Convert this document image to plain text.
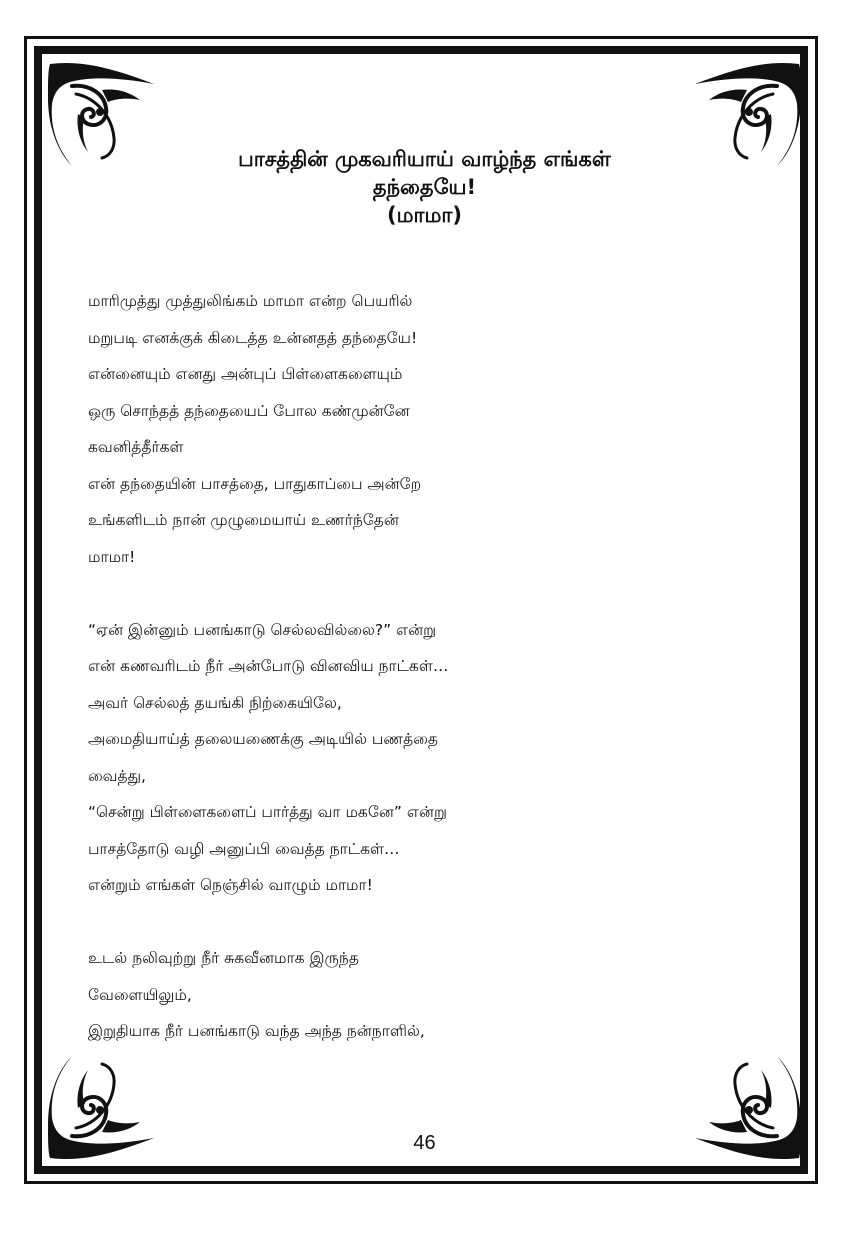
பாசத்தின் முகவரியாய் வாழ்ந்த எங்கள்
தந்தையே!
(மாமா)
மாரிமுத்து முத்துலிங்கம் மாமா என்ற பெயரில்
மறுபடி எனக்குக் கிடைத்த உன்னதத் தந்தையே!
என்னையும் எனது அன்புப் பிள்ளைகளையும்
ஒரு சொந்தத் தந்தையைப் போல கண்முன்னே
கவனித்தீர்கள்
என் தந்தையின் பாசத்தை, பாதுகாப்பை அன்றே
உங்களிடம் நான் முழுமையாய் உணர்ந்தேன்
மாமா!
“ஏன் இன்னும் பனங்காடு செல்லவில்லை?” என்று
என் கணவரிடம் நீர் அன்போடு வினவிய நாட்கள்…
அவர் செல்லத் தயங்கி நிற்கையிலே,
அமைதியாய்த் தலையணைக்கு அடியில் பணத்தை
வைத்து,
“சென்று பிள்ளைகளைப் பார்த்து வா மகனே” என்று
பாசத்தோடு வழி அனுப்பி வைத்த நாட்கள்…
என்றும் எங்கள் நெஞ்சில் வாழும் மாமா!
உடல் நலிவுற்று நீர் சுகவீனமாக இருந்த
வேளையிலும்,
இறுதியாக நீர் பனங்காடு வந்த அந்த நன்நாளில்,
46
